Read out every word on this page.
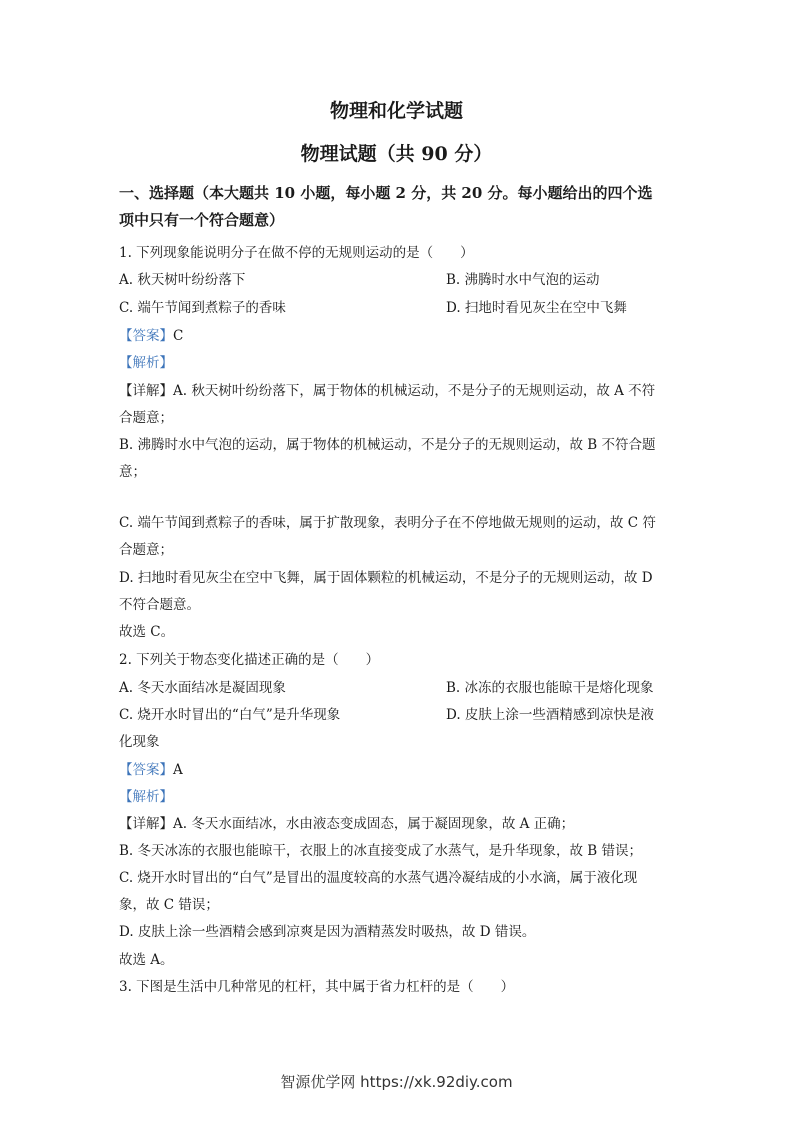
物理和化学试题
物理试题（共 90 分）
一、选择题（本大题共 10 小题，每小题 2 分，共 20 分。每小题给出的四个选
项中只有一个符合题意）
1. 下列现象能说明分子在做不停的无规则运动的是（　　）
A. 秋天树叶纷纷落下	B. 沸腾时水中气泡的运动
C. 端午节闻到煮粽子的香味	D. 扫地时看见灰尘在空中飞舞
【答案】C
【解析】
【详解】A. 秋天树叶纷纷落下，属于物体的机械运动，不是分子的无规则运动，故 A 不符
合题意；
B. 沸腾时水中气泡的运动，属于物体的机械运动，不是分子的无规则运动，故 B 不符合题
意；
C. 端午节闻到煮粽子的香味，属于扩散现象，表明分子在不停地做无规则的运动，故 C 符
合题意；
D. 扫地时看见灰尘在空中飞舞，属于固体颗粒的机械运动，不是分子的无规则运动，故 D
不符合题意。
故选 C。
2. 下列关于物态变化描述正确的是（　　）
A. 冬天水面结冰是凝固现象	B. 冰冻的衣服也能晾干是熔化现象
C. 烧开水时冒出的“白气”是升华现象	D. 皮肤上涂一些酒精感到凉快是液
化现象
【答案】A
【解析】
【详解】A. 冬天水面结冰，水由液态变成固态，属于凝固现象，故 A 正确；
B. 冬天冰冻的衣服也能晾干，衣服上的冰直接变成了水蒸气，是升华现象，故 B 错误；
C. 烧开水时冒出的“白气”是冒出的温度较高的水蒸气遇冷凝结成的小水滴，属于液化现
象，故 C 错误；
D. 皮肤上涂一些酒精会感到凉爽是因为酒精蒸发时吸热，故 D 错误。
故选 A。
3. 下图是生活中几种常见的杠杆，其中属于省力杠杆的是（　　）
智源优学网 https://xk.92diy.com
